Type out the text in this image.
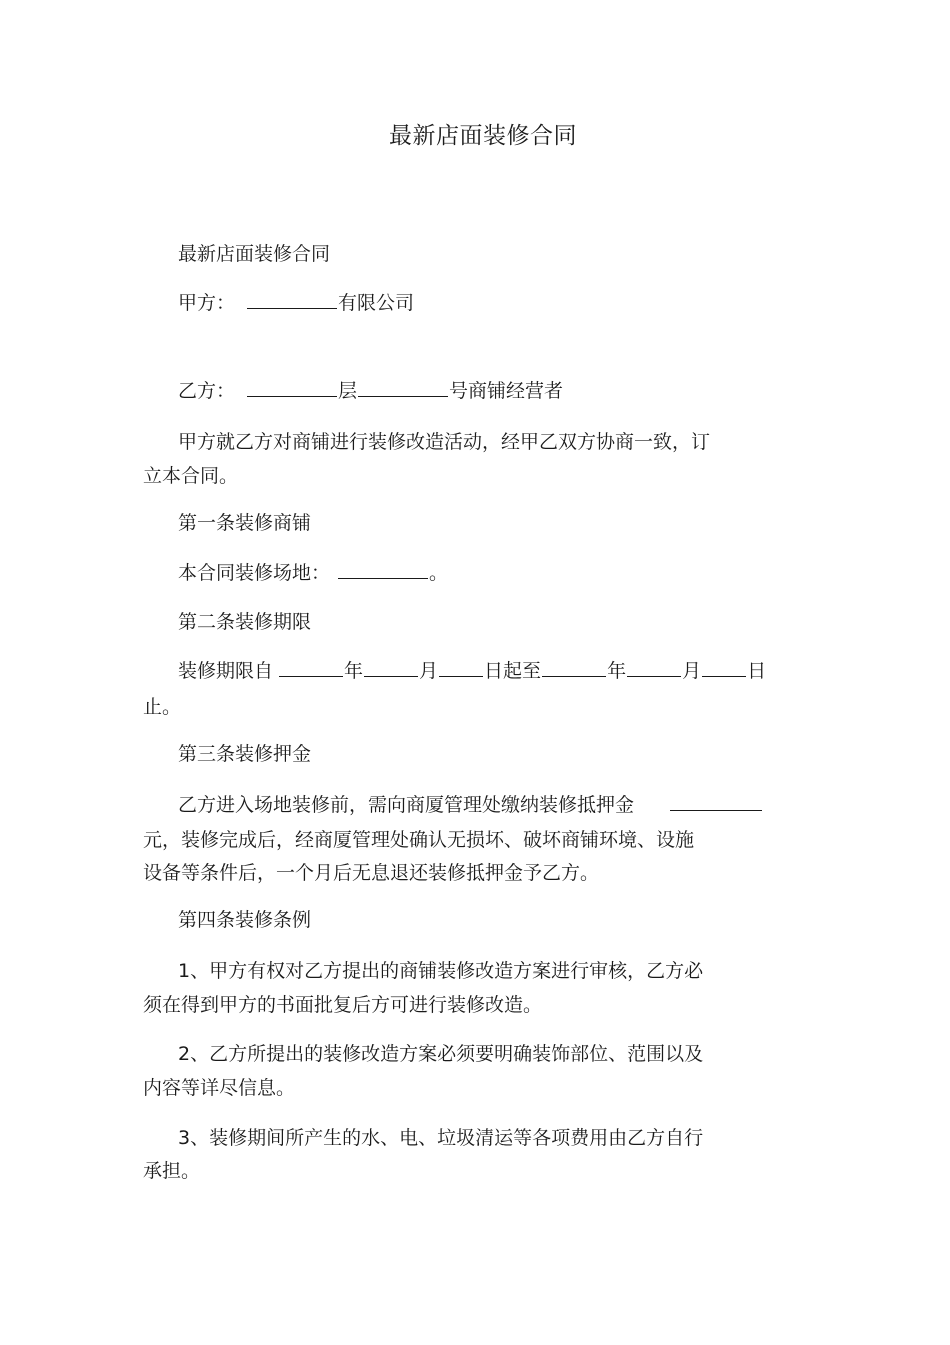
最新店面装修合同

最新店面装修合同

甲方：	有限公司

乙方：	层	号商铺经营者

甲方就乙方对商铺进行装修改造活动，经甲乙双方协商一致，订

立本合同。

第一条装修商铺

本合同装修场地：	。

第二条装修期限

装修期限自	年	月 日起至	年	月 日

止。

第三条装修押金

乙方进入场地装修前，需向商厦管理处缴纳装修抵押金

元，装修完成后，经商厦管理处确认无损坏、破坏商铺环境、设施

设备等条件后，一个月后无息退还装修抵押金予乙方。

第四条装修条例

1、甲方有权对乙方提出的商铺装修改造方案进行审核，乙方必

须在得到甲方的书面批复后方可进行装修改造。

2、乙方所提出的装修改造方案必须要明确装饰部位、范围以及

内容等详尽信息。

3、装修期间所产生的水、电、垃圾清运等各项费用由乙方自行

承担。
